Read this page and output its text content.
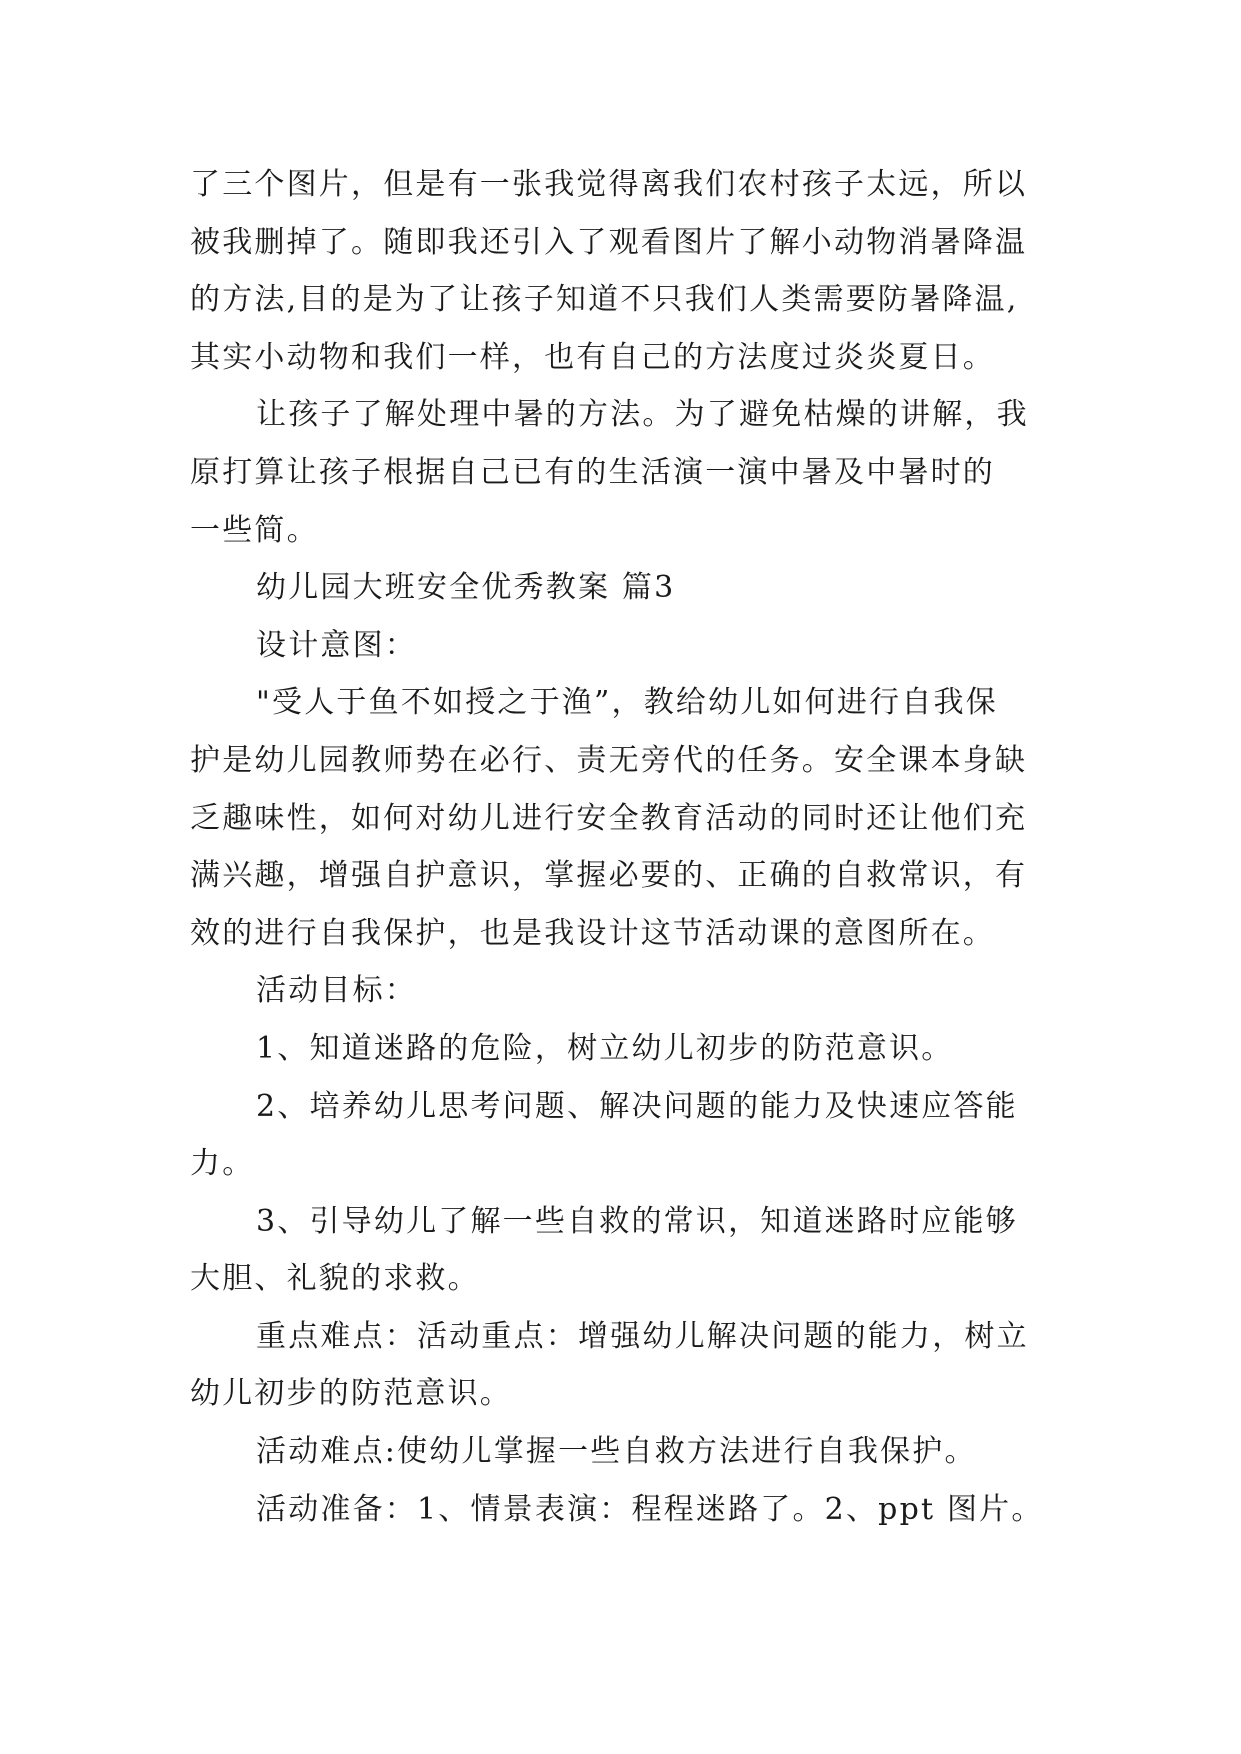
了三个图片，但是有一张我觉得离我们农村孩子太远，所以
被我删掉了。随即我还引入了观看图片了解小动物消暑降温
的方法,目的是为了让孩子知道不只我们人类需要防暑降温,
其实小动物和我们一样，也有自己的方法度过炎炎夏日。
让孩子了解处理中暑的方法。为了避免枯燥的讲解，我
原打算让孩子根据自己已有的生活演一演中暑及中暑时的
一些简。
幼儿园大班安全优秀教案 篇3
设计意图：
"受人于鱼不如授之于渔”，教给幼儿如何进行自我保
护是幼儿园教师势在必行、责无旁代的任务。安全课本身缺
乏趣味性，如何对幼儿进行安全教育活动的同时还让他们充
满兴趣，增强自护意识，掌握必要的、正确的自救常识，有
效的进行自我保护，也是我设计这节活动课的意图所在。
活动目标：
1、知道迷路的危险，树立幼儿初步的防范意识。
2、培养幼儿思考问题、解决问题的能力及快速应答能
力。
3、引导幼儿了解一些自救的常识，知道迷路时应能够
大胆、礼貌的求救。
重点难点：活动重点：增强幼儿解决问题的能力，树立
幼儿初步的防范意识。
活动难点:使幼儿掌握一些自救方法进行自我保护。
活动准备：1、情景表演：程程迷路了。2、ppt 图片。
